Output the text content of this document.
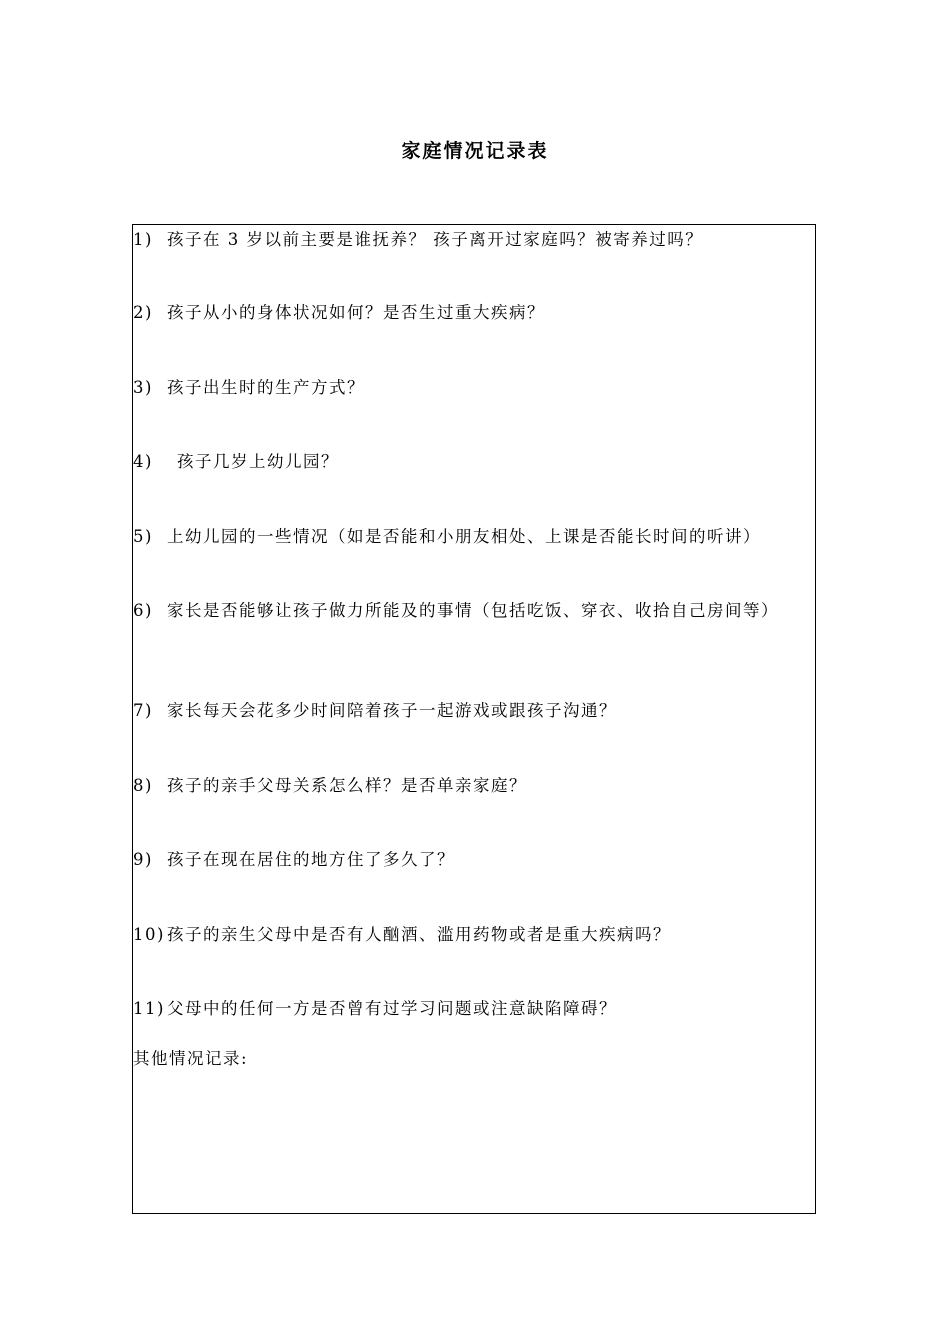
家庭情况记录表
1) 孩子在 3 岁以前主要是谁抚养？ 孩子离开过家庭吗？被寄养过吗？
2) 孩子从小的身体状况如何？是否生过重大疾病？
3) 孩子出生时的生产方式？
4) 孩子几岁上幼儿园？
5) 上幼儿园的一些情况（如是否能和小朋友相处、上课是否能长时间的听讲）
6) 家长是否能够让孩子做力所能及的事情（包括吃饭、穿衣、收拾自己房间等）
7) 家长每天会花多少时间陪着孩子一起游戏或跟孩子沟通？
8) 孩子的亲手父母关系怎么样？是否单亲家庭？
9) 孩子在现在居住的地方住了多久了？
10) 孩子的亲生父母中是否有人酗酒、滥用药物或者是重大疾病吗？
11) 父母中的任何一方是否曾有过学习问题或注意缺陷障碍？
其他情况记录:
